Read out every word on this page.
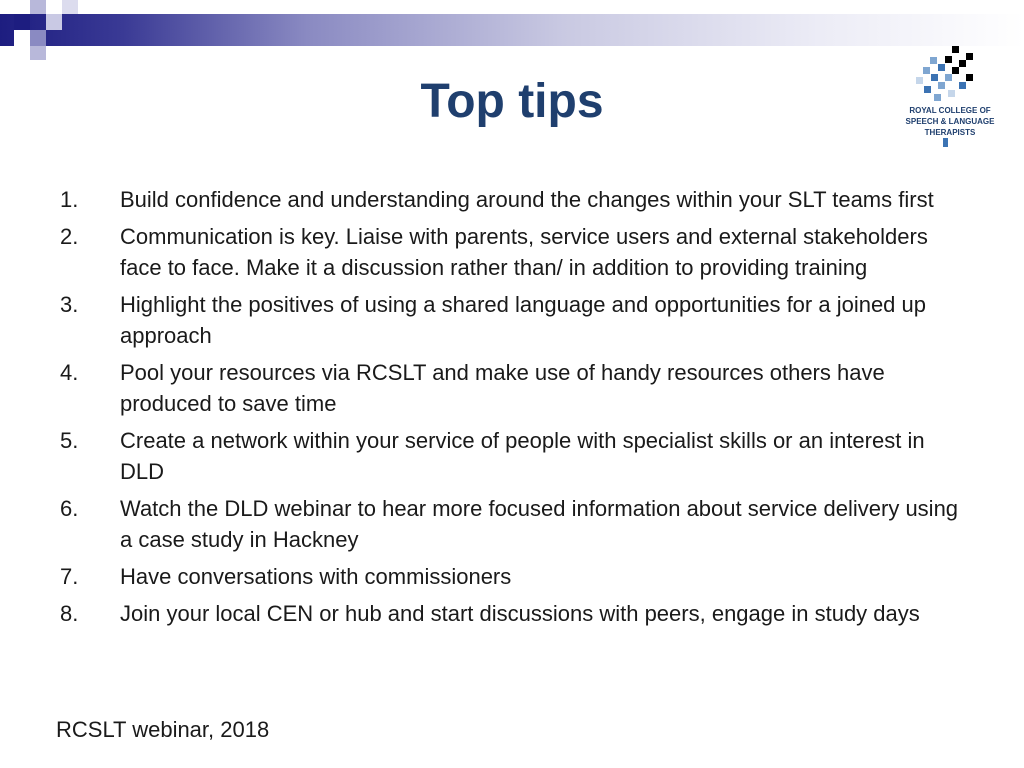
Top tips	ROYAL COLLEGE OF
SPEECH & LANGUAGE
THERAPISTS
1.	Build confidence and understanding around the changes within your SLT teams first
2.	Communication is key. Liaise with parents, service users and external stakeholders face to face. Make it a discussion rather than/ in addition to providing training
3.	Highlight the positives of using a shared language and opportunities for a joined up approach
4.	Pool your resources via RCSLT and make use of handy resources others have produced to save time
5.	Create a network within your service of people with specialist skills or an interest in DLD
6.	Watch the DLD webinar to hear more focused information about service delivery using a case study in Hackney
7.	Have conversations with commissioners
8.	Join your local CEN or hub and start discussions with peers, engage in study days
RCSLT webinar, 2018
